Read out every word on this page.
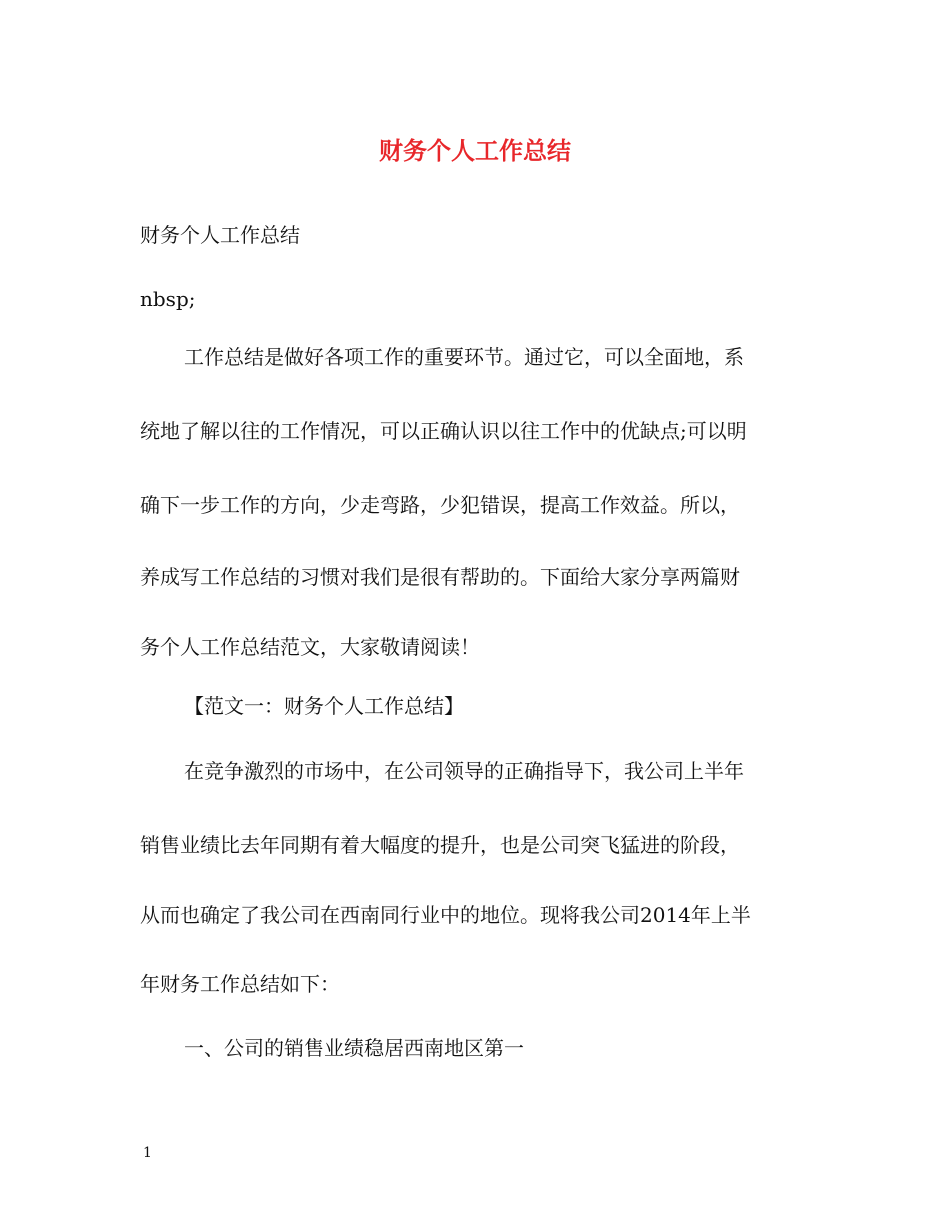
财务个人工作总结
财务个人工作总结
nbsp;
工作总结是做好各项工作的重要环节。通过它，可以全面地，系
统地了解以往的工作情况，可以正确认识以往工作中的优缺点;可以明
确下一步工作的方向，少走弯路，少犯错误，提高工作效益。所以，
养成写工作总结的习惯对我们是很有帮助的。下面给大家分享两篇财
务个人工作总结范文，大家敬请阅读！
【范文一：财务个人工作总结】
在竞争激烈的市场中，在公司领导的正确指导下，我公司上半年
销售业绩比去年同期有着大幅度的提升，也是公司突飞猛进的阶段，
从而也确定了我公司在西南同行业中的地位。现将我公司2014年上半
年财务工作总结如下：
一、公司的销售业绩稳居西南地区第一
1
